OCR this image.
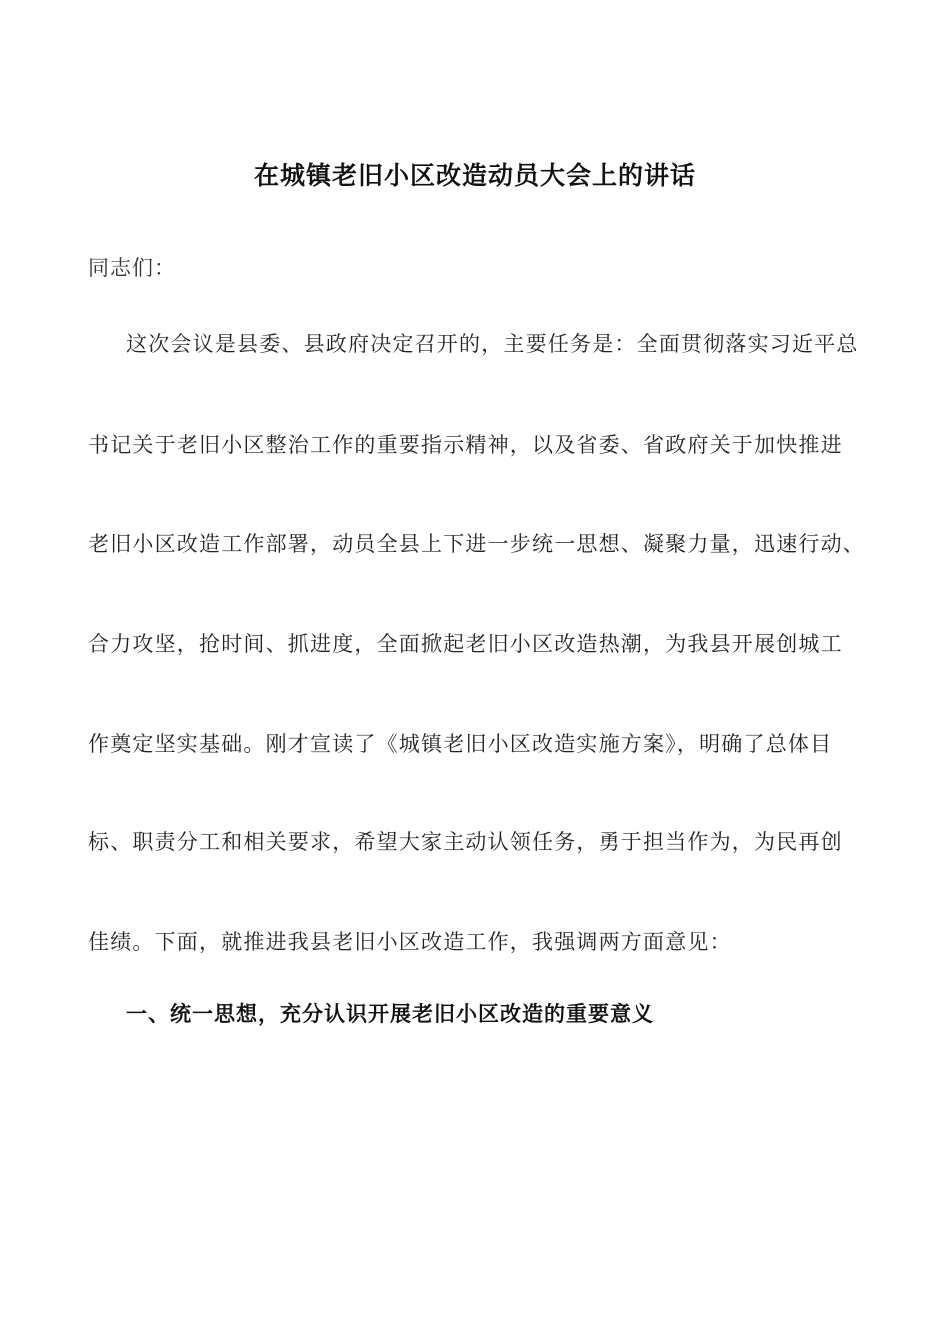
在城镇老旧小区改造动员大会上的讲话
同志们：
这次会议是县委、县政府决定召开的，主要任务是：全面贯彻落实习近平总
书记关于老旧小区整治工作的重要指示精神，以及省委、省政府关于加快推进
老旧小区改造工作部署，动员全县上下进一步统一思想、凝聚力量，迅速行动、
合力攻坚，抢时间、抓进度，全面掀起老旧小区改造热潮，为我县开展创城工
作奠定坚实基础。刚才宣读了《城镇老旧小区改造实施方案》，明确了总体目
标、职责分工和相关要求，希望大家主动认领任务，勇于担当作为，为民再创
佳绩。下面，就推进我县老旧小区改造工作，我强调两方面意见：
一、统一思想，充分认识开展老旧小区改造的重要意义
